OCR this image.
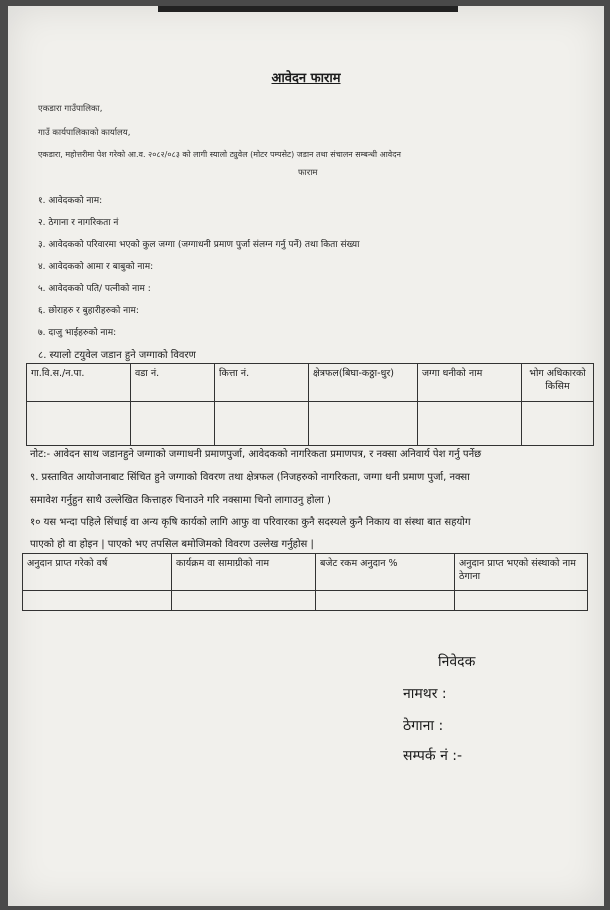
आवेदन फाराम
एकडारा गाउँपालिका,
गाउँ कार्यपालिकाको कार्यालय,
एकडारा, महोत्तरीमा पेश गरेको आ.व. २०८२/०८३ को लागी स्यालो ट्युवेल (मोटर पम्पसेट) जडान तथा संचालन सम्बन्धी आवेदन
फाराम
१. आवेदकको नाम:
२. ठेगाना र नागरिकता नं
३. आवेदकको परिवारमा भएको कुल जग्गा (जग्गाधनी प्रमाण पुर्जा संलग्न गर्नु पर्ने) तथा किता संख्या
४. आवेदकको आमा र बाबुको नाम:
५. आवेदकको पति/ पत्नीको नाम :
६. छोराहरु र बुहारीहरुको नाम:
७. दाजु भाईहरुको नाम:
८. स्यालो टयुवेल जडान हुने जग्गाको विवरण
गा.वि.स./न.पा.	वडा नं.	कित्ता नं.	क्षेत्रफल(बिघा-कठ्ठा-धुर)	जग्गा धनीको नाम	भोग अधिकारको किसिम

नोट:- आवेदन साथ जडानहुने जग्गाको जग्गाधनी प्रमाणपुर्जा, आवेदकको नागरिकता प्रमाणपत्र, र नक्सा अनिवार्य पेश गर्नु पर्नेछ
९. प्रस्तावित आयोजनाबाट सिंचित हुने जग्गाको विवरण तथा क्षेत्रफल (निजहरुको नागरिकता, जग्गा धनी प्रमाण पुर्जा, नक्सा
समावेश गर्नुहुन साथै उल्लेखित कित्ताहरु चिनाउने गरि नक्सामा चिनो लागाउनु होला )
१० यस भन्दा पहिले सिंचाई वा अन्य कृषि कार्यको लागि आफु वा परिवारका कुनै सदस्यले कुनै निकाय वा संस्था बात सहयोग
पाएको हो वा होइन | पाएको भए तपसिल बमोजिमको विवरण उल्लेख गर्नुहोस |
अनुदान प्राप्त गरेको वर्ष	कार्यक्रम वा सामाग्रीको नाम	बजेट रकम अनुदान %	अनुदान प्राप्त भएको संस्थाको नाम ठेगाना

निवेदक
नामथर :
ठेगाना :
सम्पर्क नं :-
